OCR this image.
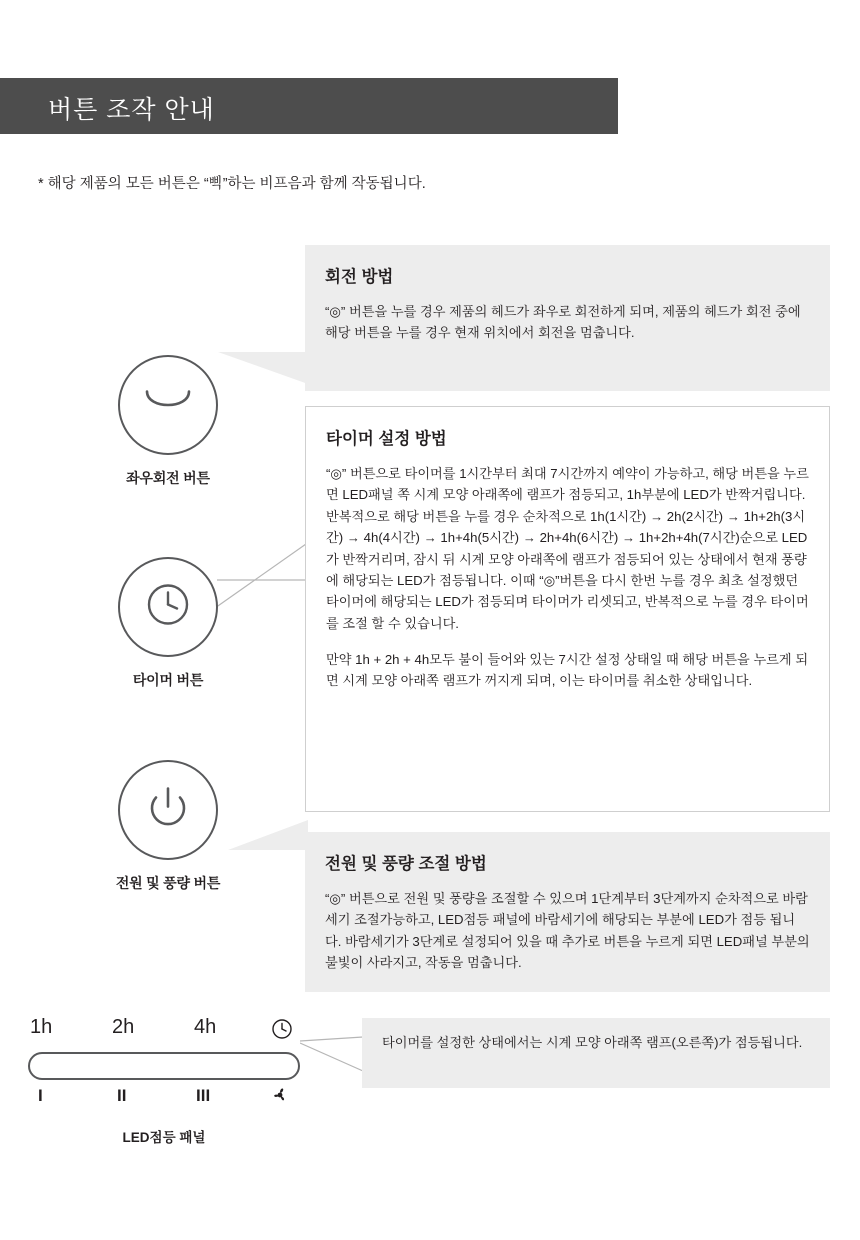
버튼 조작 안내
* 해당 제품의 모든 버튼은 “삑”하는 비프음과 함께 작동됩니다.
회전 방법

“◎” 버튼을 누를 경우 제품의 헤드가 좌우로 회전하게 되며, 제품의 헤드가 회전 중에 해당 버튼을 누를 경우 현재 위치에서 회전을 멈춥니다.

타이머 설정 방법

“◎” 버튼으로 타이머를 1시간부터 최대 7시간까지 예약이 가능하고, 해당 버튼을 누르면 LED패널 쪽 시계 모양 아래쪽에 램프가 점등되고, 1h부분에 LED가 반짝거립니다. 반복적으로 해당 버튼을 누를 경우 순차적으로 1h(1시간) → 2h(2시간) → 1h+2h(3시간) → 4h(4시간) → 1h+4h(5시간) → 2h+4h(6시간) → 1h+2h+4h(7시간)순으로 LED가 반짝거리며, 잠시 뒤 시계 모양 아래쪽에 램프가 점등되어 있는 상태에서 현재 풍량에 해당되는 LED가 점등됩니다. 이때 “◎”버튼을 다시 한번 누를 경우 최초 설정했던 타이머에 해당되는 LED가 점등되며 타이머가 리셋되고, 반복적으로 누를 경우 타이머를 조절 할 수 있습니다.

만약 1h + 2h + 4h모두 불이 들어와 있는 7시간 설정 상태일 때 해당 버튼을 누르게 되면 시계 모양 아래쪽 램프가 꺼지게 되며, 이는 타이머를 취소한 상태입니다.

전원 및 풍량 조절 방법

“◎” 버튼으로 전원 및 풍량을 조절할 수 있으며 1단계부터 3단계까지 순차적으로 바람 세기 조절가능하고, LED점등 패널에 바람세기에 해당되는 부분에 LED가 점등 됩니다. 바람세기가 3단계로 설정되어 있을 때 추가로 버튼을 누르게 되면 LED패널 부분의 불빛이 사라지고, 작동을 멈춥니다.

타이머를 설정한 상태에서는 시계 모양 아래쪽 램프(오른쪽)가 점등됩니다.

좌우회전 버튼
타이머 버튼
전원 및 풍량 버튼
1h	2h	4h
I	II	III
LED점등 패널
